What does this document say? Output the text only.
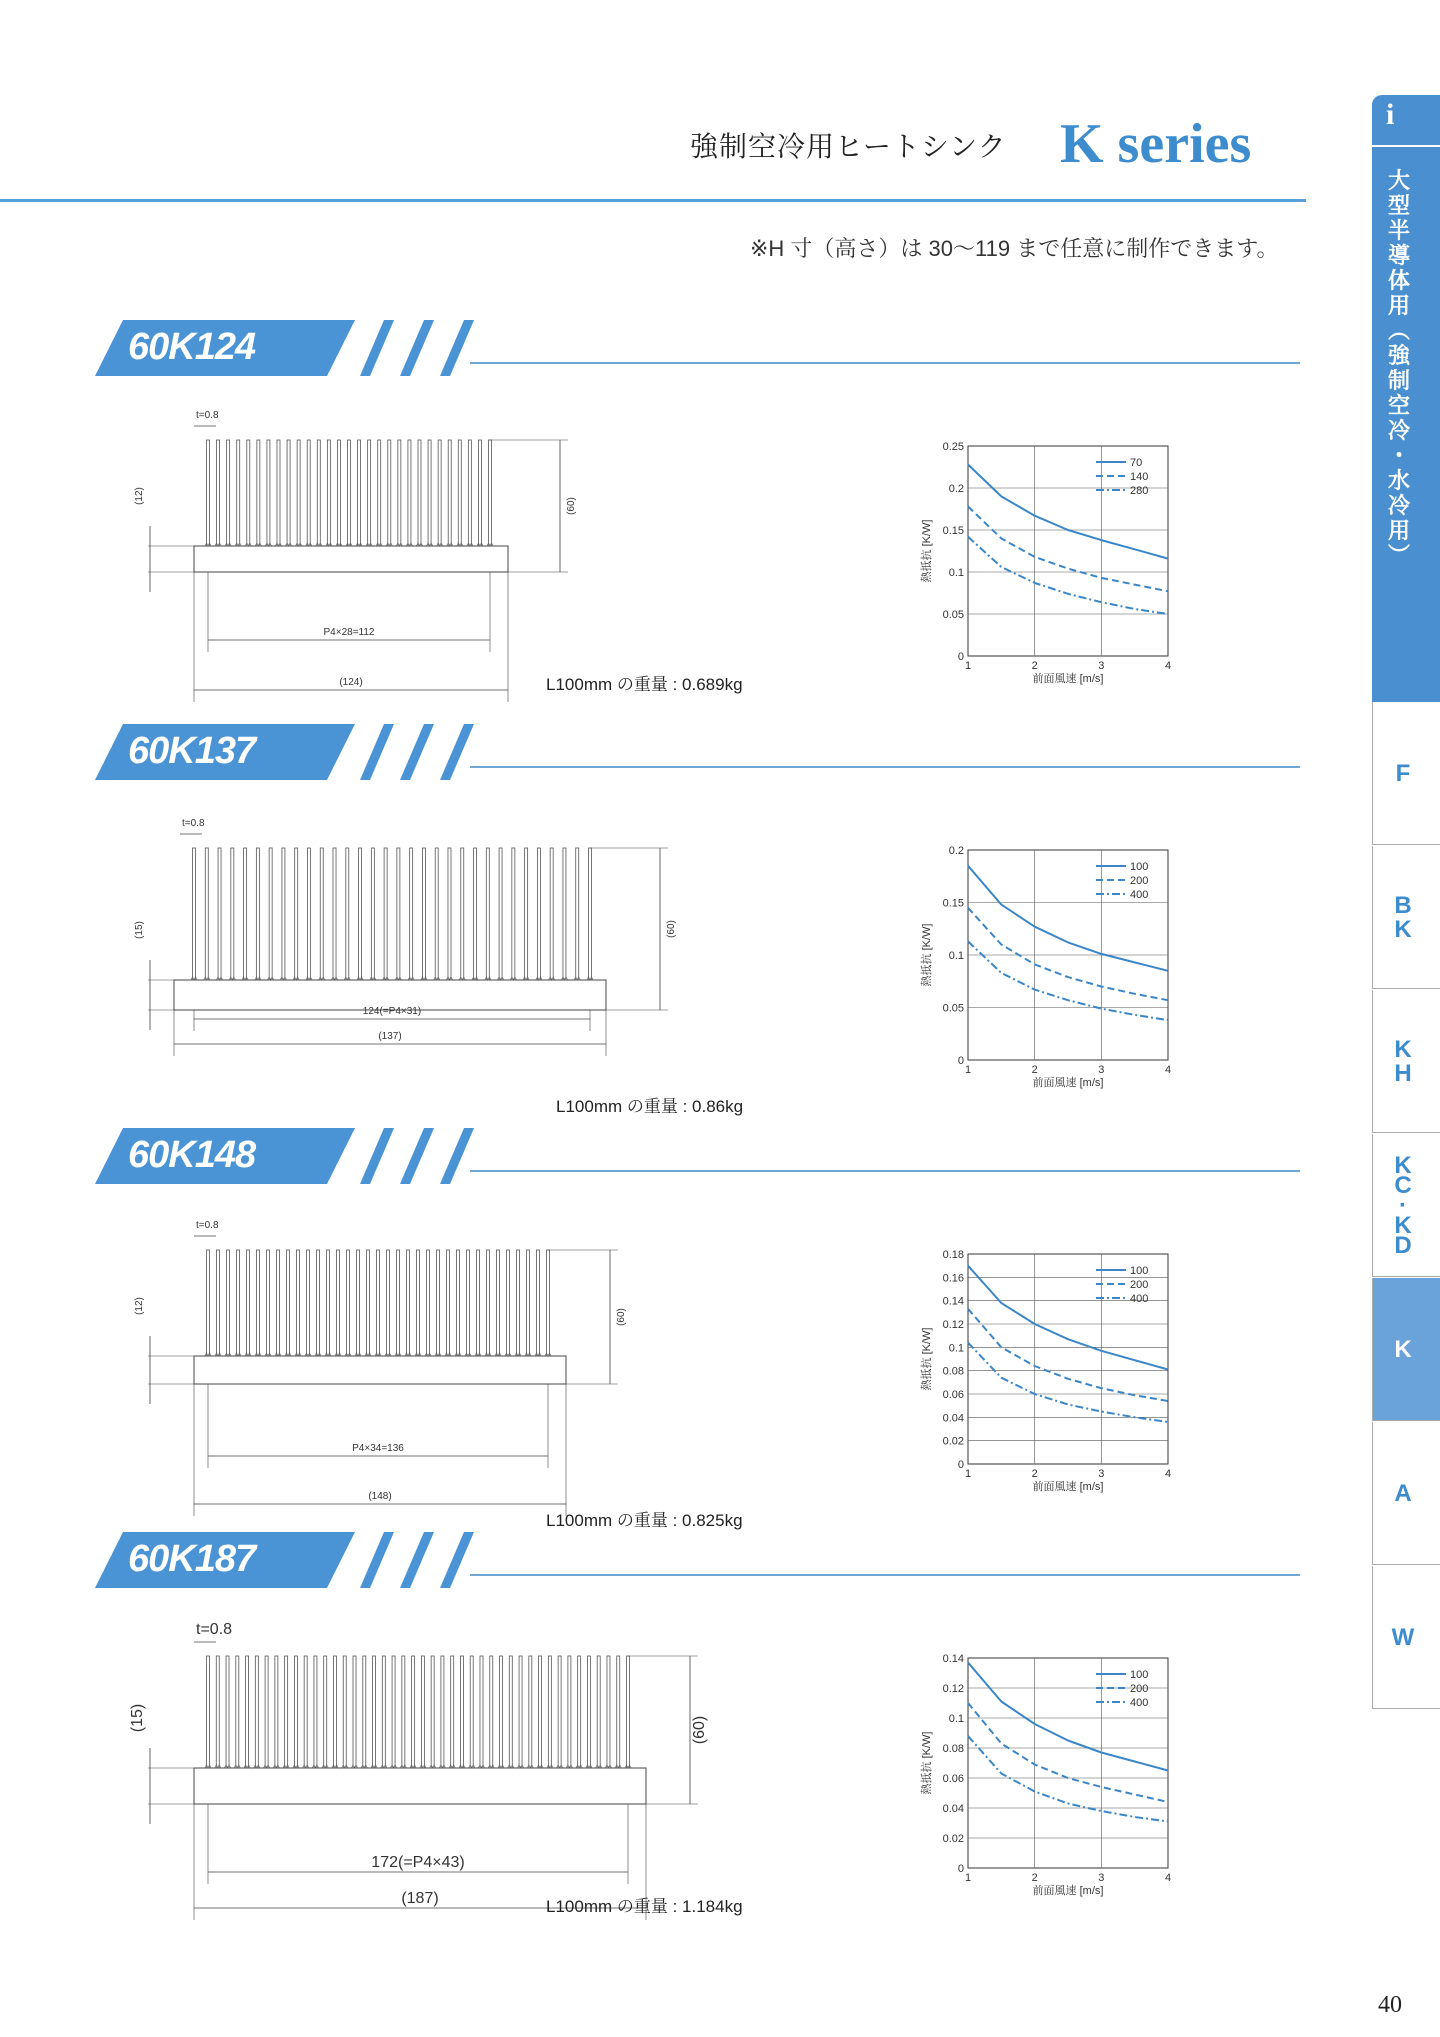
強制空冷用ヒートシンク K series
※H 寸（高さ）は 30〜119 まで任意に制作できます。
60K124
t=0.8
(60)
(12)
P4×28=112
(124)	L100mm の重量 : 0.689kg
0
0.05
0.1
0.15
0.2
0.25
1	2	3	4
前面風速 [m/s]
熱抵抗 [K/W]
70
140
280
60K137
t=0.8
(60)
(15)
124(=P4×31)
(137)
L100mm の重量 : 0.86kg
0
0.05
0.1
0.15
0.2
1	2	3	4
前面風速 [m/s]
熱抵抗 [K/W]
100
200
400
60K148
t=0.8
(60)
(12)
P4×34=136
(148)
L100mm の重量 : 0.825kg
0
0.02
0.04
0.06
0.08
0.1
0.12
0.14
0.16
0.18
1	2	3	4
前面風速 [m/s]
熱抵抗 [K/W]
100
200
400
60K187
t=0.8
(60)
(15)
172(=P4×43)
(187)	L100mm の重量 : 1.184kg
0
0.02
0.04
0.06
0.08
0.1
0.12
0.14
1	2	3	4
前面風速 [m/s]
熱抵抗 [K/W]
100
200
400
i
大
型
半
導
体
用
︵
強
制
空
冷
・
水
冷
用
︶
F
B
K
K
H
K
C
·
K
D
K
A
W
40
